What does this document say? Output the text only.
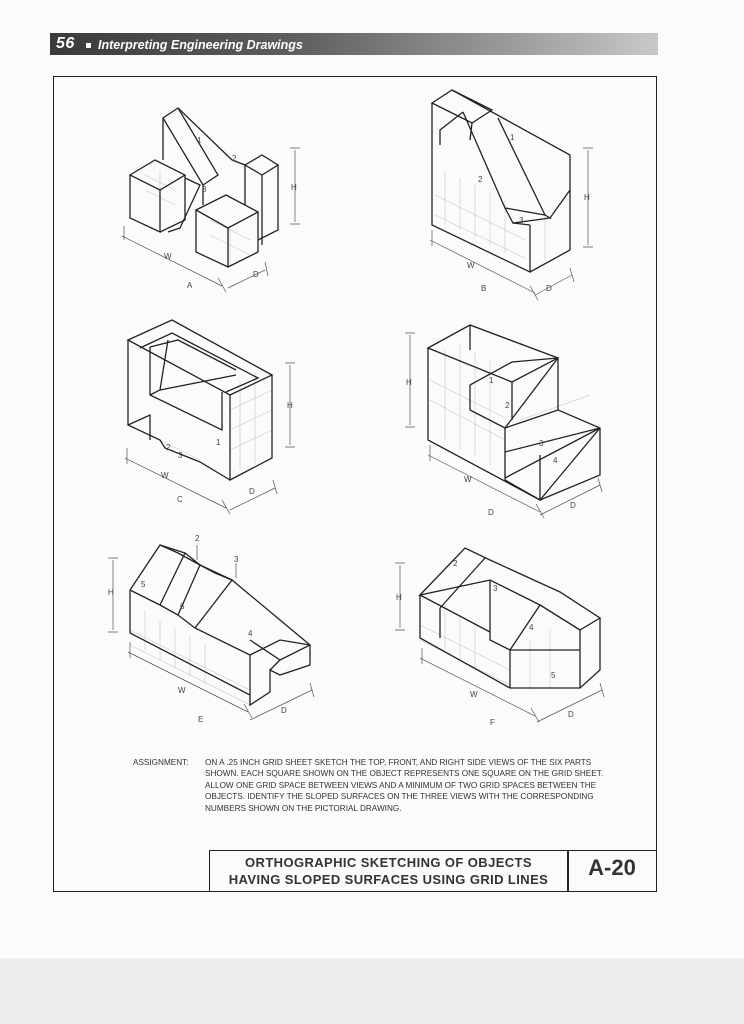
56 Interpreting Engineering Drawings
1
2
3
W
D
H
A
1
2
3
W
D
H
B
1
2
3
W
D
H
C
1
2
3
4
W
D
H
D
2
3
4
5
6
W
D
H
E
2
3
4
5
W
D
H
F
ASSIGNMENT: ON A .25 INCH GRID SHEET SKETCH THE TOP, FRONT, AND RIGHT SIDE VIEWS OF THE SIX PARTS SHOWN. EACH SQUARE SHOWN ON THE OBJECT REPRESENTS ONE SQUARE ON THE GRID SHEET. ALLOW ONE GRID SPACE BETWEEN VIEWS AND A MINIMUM OF TWO GRID SPACES BETWEEN THE OBJECTS. IDENTIFY THE SLOPED SURFACES ON THE THREE VIEWS WITH THE CORRESPONDING NUMBERS SHOWN ON THE PICTORIAL DRAWING.
ORTHOGRAPHIC SKETCHING OF OBJECTS
HAVING SLOPED SURFACES USING GRID LINES	A-20
